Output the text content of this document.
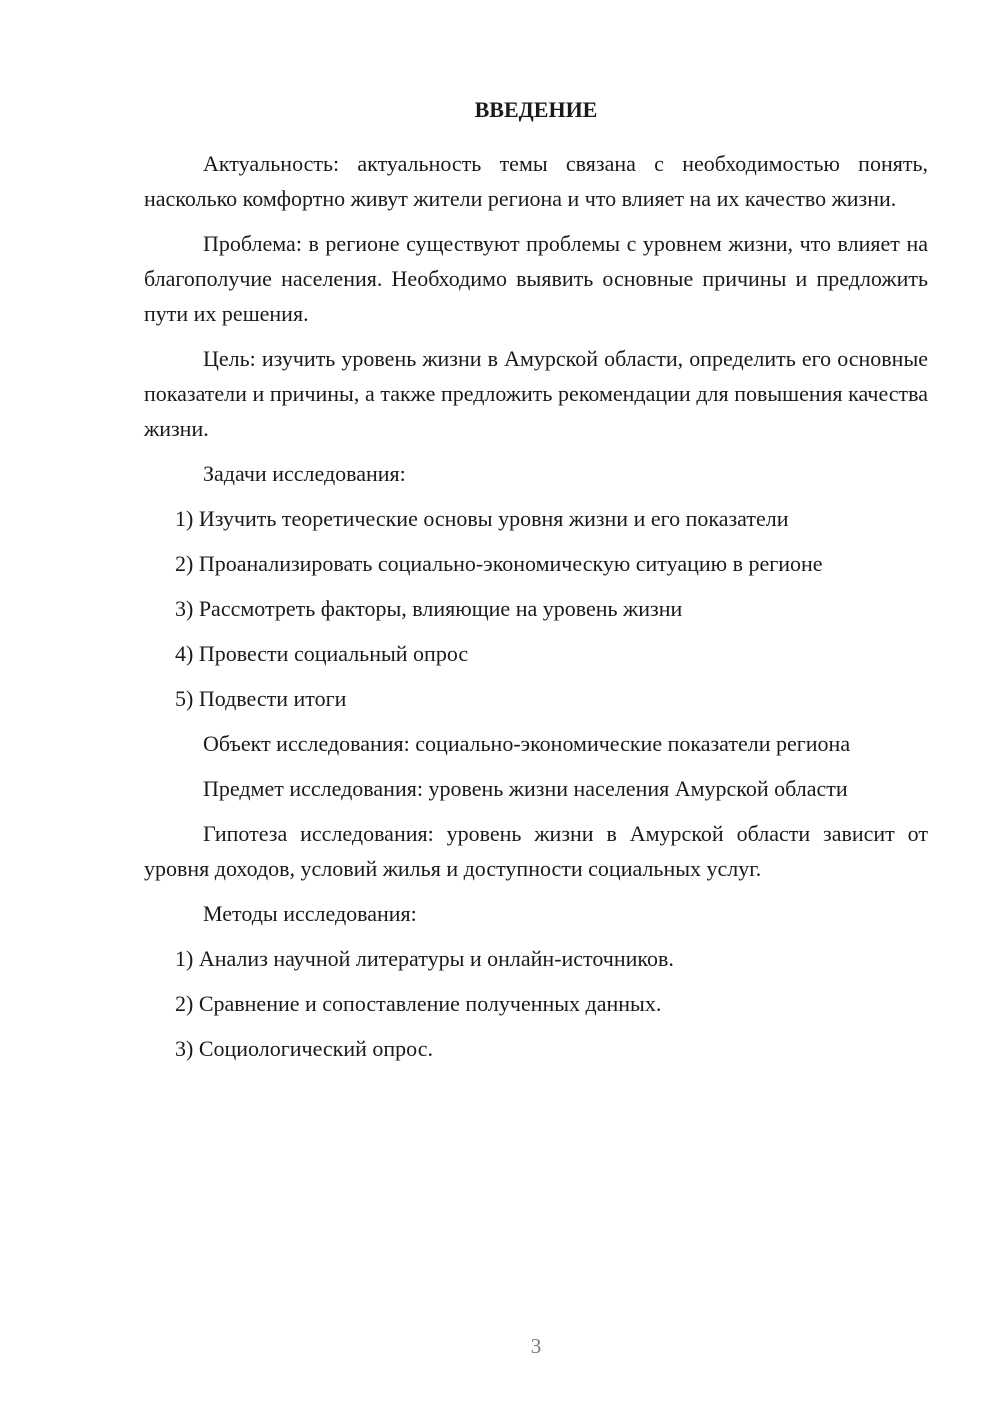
ВВЕДЕНИЕ

Актуальность: актуальность темы связана с необходимостью понять, насколько комфортно живут жители региона и что влияет на их качество жизни.

Проблема: в регионе существуют проблемы с уровнем жизни, что влияет на благополучие населения. Необходимо выявить основные причины и предложить пути их решения.

Цель: изучить уровень жизни в Амурской области, определить его основные показатели и причины, а также предложить рекомендации для повышения качества жизни.

Задачи исследования:

1) Изучить теоретические основы уровня жизни и его показатели
2) Проанализировать социально-экономическую ситуацию в регионе
3) Рассмотреть факторы, влияющие на уровень жизни
4) Провести социальный опрос
5) Подвести итоги

Объект исследования: социально-экономические показатели региона

Предмет исследования: уровень жизни населения Амурской области

Гипотеза исследования: уровень жизни в Амурской области зависит от уровня доходов, условий жилья и доступности социальных услуг.

Методы исследования:

1) Анализ научной литературы и онлайн-источников.
2) Сравнение и сопоставление полученных данных.
3) Социологический опрос.
3
